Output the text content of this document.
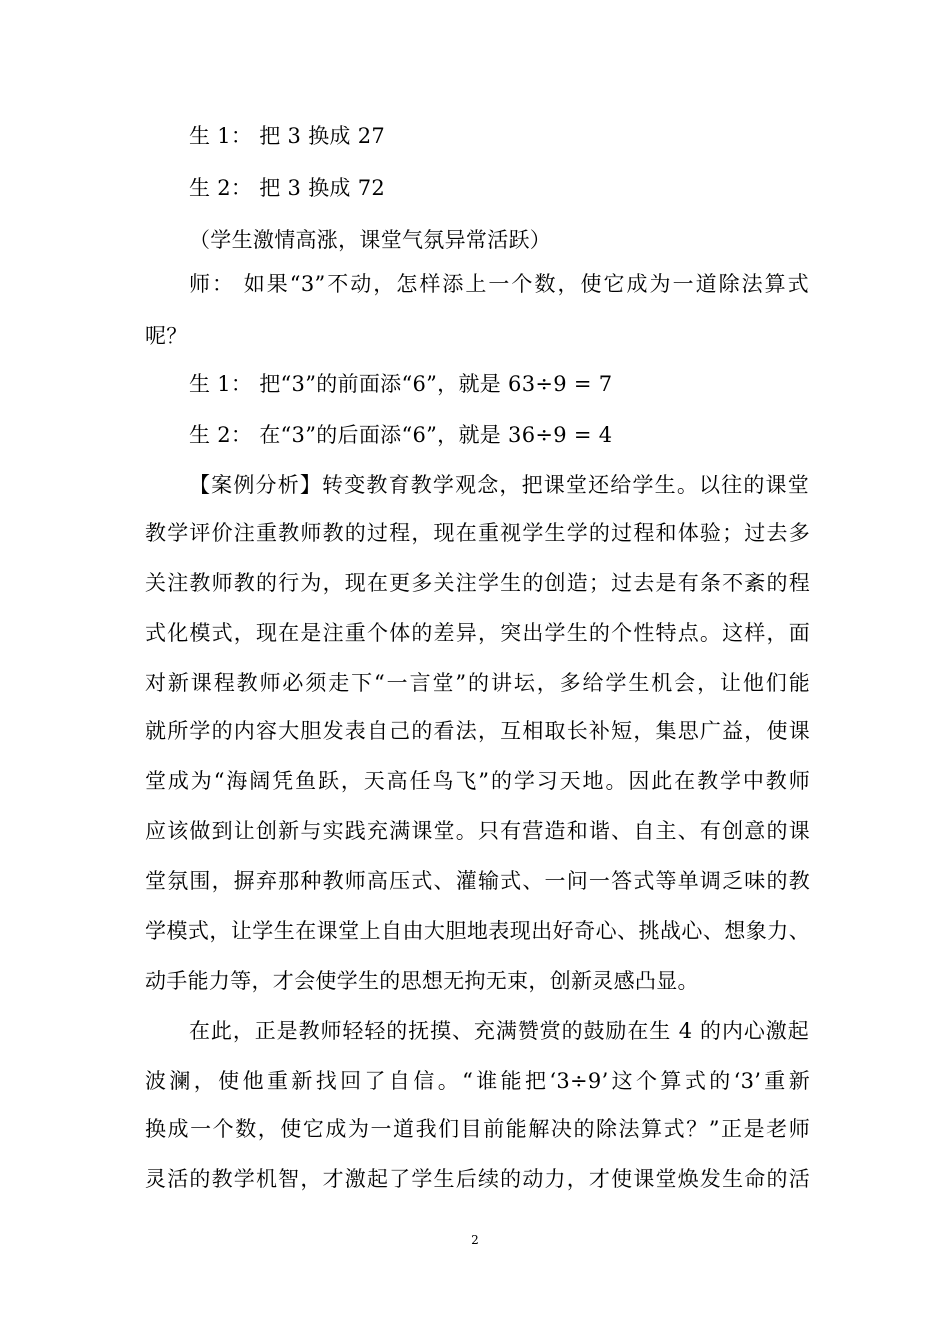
生 1： 把 3 换成 27
生 2： 把 3 换成 72
（学生激情高涨，课堂气氛异常活跃）
师： 如果“3”不动，怎样添上一个数，使它成为一道除法算式
呢？
生 1： 把“3”的前面添“6”，就是 63÷9 = 7
生 2： 在“3”的后面添“6”，就是 36÷9 = 4
【案例分析】转变教育教学观念，把课堂还给学生。以往的课堂
教学评价注重教师教的过程，现在重视学生学的过程和体验；过去多
关注教师教的行为，现在更多关注学生的创造；过去是有条不紊的程
式化模式，现在是注重个体的差异，突出学生的个性特点。这样，面
对新课程教师必须走下“一言堂”的讲坛，多给学生机会，让他们能
就所学的内容大胆发表自己的看法，互相取长补短，集思广益，使课
堂成为“海阔凭鱼跃，天高任鸟飞”的学习天地。因此在教学中教师
应该做到让创新与实践充满课堂。只有营造和谐、自主、有创意的课
堂氛围，摒弃那种教师高压式、灌输式、一问一答式等单调乏味的教
学模式，让学生在课堂上自由大胆地表现出好奇心、挑战心、想象力、
动手能力等，才会使学生的思想无拘无束，创新灵感凸显。
在此，正是教师轻轻的抚摸、充满赞赏的鼓励在生 4 的内心激起
波澜，使他重新找回了自信。“谁能把‘3÷9’这个算式的‘3’重新
换成一个数，使它成为一道我们目前能解决的除法算式？”正是老师
灵活的教学机智，才激起了学生后续的动力，才使课堂焕发生命的活
2
